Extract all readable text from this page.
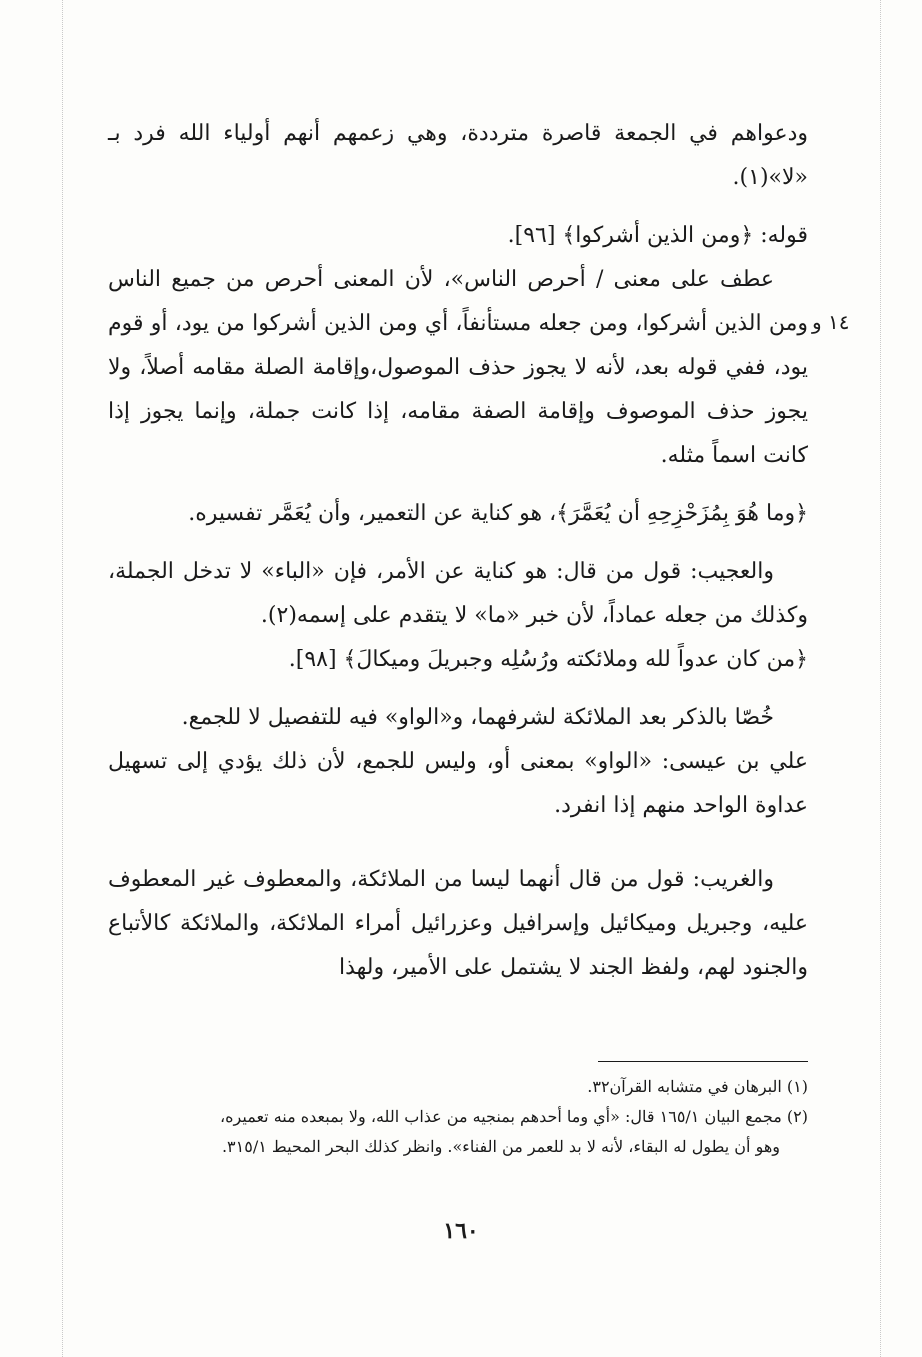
ودعواهم في الجمعة قاصرة مترددة، وهي زعمهم أنهم أولياء الله فرد بـ «لا»(١).

قوله: ﴿ومن الذين أشركوا﴾ [٩٦].

عطف على معنى / أحرص الناس»، لأن المعنى أحرص من جميع الناس ومن الذين أشركوا، ومن جعله مستأنفاً، أي ومن الذين أشركوا من يود، أو قوم يود، ففي قوله بعد، لأنه لا يجوز حذف الموصول،وإقامة الصلة مقامه أصلاً، ولا يجوز حذف الموصوف وإقامة الصفة مقامه، إذا كانت جملة، وإنما يجوز إذا كانت اسماً مثله.

﴿وما هُوَ بِمُزَحْزِحِهِ أن يُعَمَّرَ﴾، هو كناية عن التعمير، وأن يُعَمَّر تفسيره.

والعجيب: قول من قال: هو كناية عن الأمر، فإن «الباء» لا تدخل الجملة، وكذلك من جعله عماداً، لأن خبر «ما» لا يتقدم على إسمه(٢).

﴿من كان عدواً لله وملائكته ورُسُلِه وجبريلَ وميكالَ﴾ [٩٨].

خُصّا بالذكر بعد الملائكة لشرفهما، و«الواو» فيه للتفصيل لا للجمع.

علي بن عيسى: «الواو» بمعنى أو، وليس للجمع، لأن ذلك يؤدي إلى تسهيل عداوة الواحد منهم إذا انفرد.

والغريب: قول من قال أنهما ليسا من الملائكة، والمعطوف غير المعطوف عليه، وجبريل وميكائيل وإسرافيل وعزرائيل أمراء الملائكة، والملائكة كالأتباع والجنود لهم، ولفظ الجند لا يشتمل على الأمير، ولهذا

١٤ و

(١) البرهان في متشابه القرآن٣٢.

(٢) مجمع البيان ١٦٥/١ قال: «أي وما أحدهم بمنجيه من عذاب الله، ولا بمبعده منه تعميره،

وهو أن يطول له البقاء، لأنه لا بد للعمر من الفناء». وانظر كذلك البحر المحيط ٣١٥/١.

١٦٠
